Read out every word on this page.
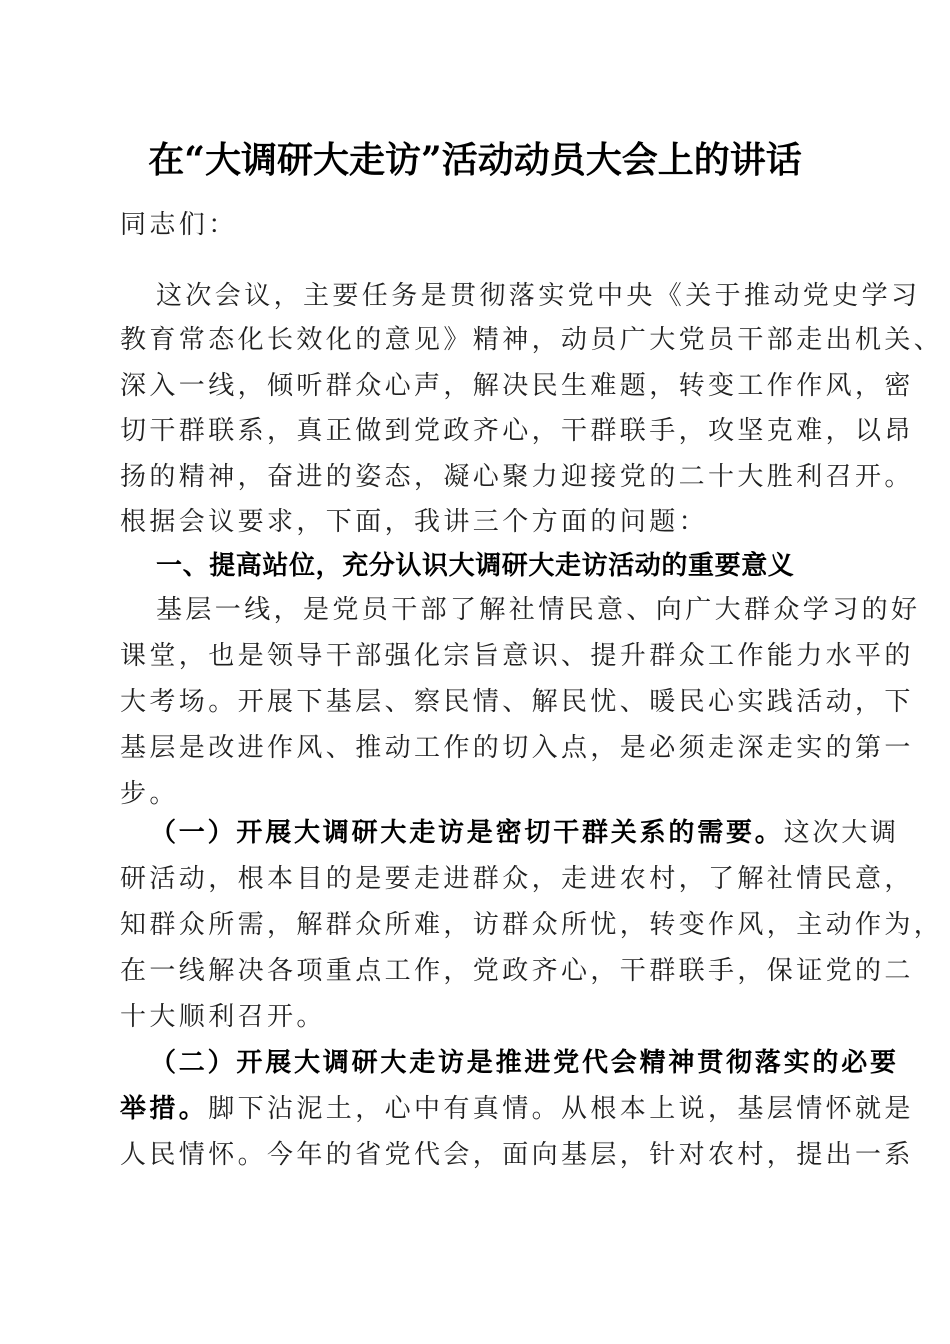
在“大调研大走访”活动动员大会上的讲话
同志们：
这次会议，主要任务是贯彻落实党中央《关于推动党史学习
教育常态化长效化的意见》精神，动员广大党员干部走出机关、
深入一线，倾听群众心声，解决民生难题，转变工作作风，密
切干群联系，真正做到党政齐心，干群联手，攻坚克难，以昂
扬的精神，奋进的姿态，凝心聚力迎接党的二十大胜利召开。
根据会议要求，下面，我讲三个方面的问题：
一、提高站位，充分认识大调研大走访活动的重要意义
基层一线，是党员干部了解社情民意、向广大群众学习的好
课堂，也是领导干部强化宗旨意识、提升群众工作能力水平的
大考场。开展下基层、察民情、解民忧、暖民心实践活动，下
基层是改进作风、推动工作的切入点，是必须走深走实的第一
步。
（一）开展大调研大走访是密切干群关系的需要。这次大调
研活动，根本目的是要走进群众，走进农村，了解社情民意，
知群众所需，解群众所难，访群众所忧，转变作风，主动作为，
在一线解决各项重点工作，党政齐心，干群联手，保证党的二
十大顺利召开。
（二）开展大调研大走访是推进党代会精神贯彻落实的必要
举措。脚下沾泥土，心中有真情。从根本上说，基层情怀就是
人民情怀。今年的省党代会，面向基层，针对农村，提出一系
